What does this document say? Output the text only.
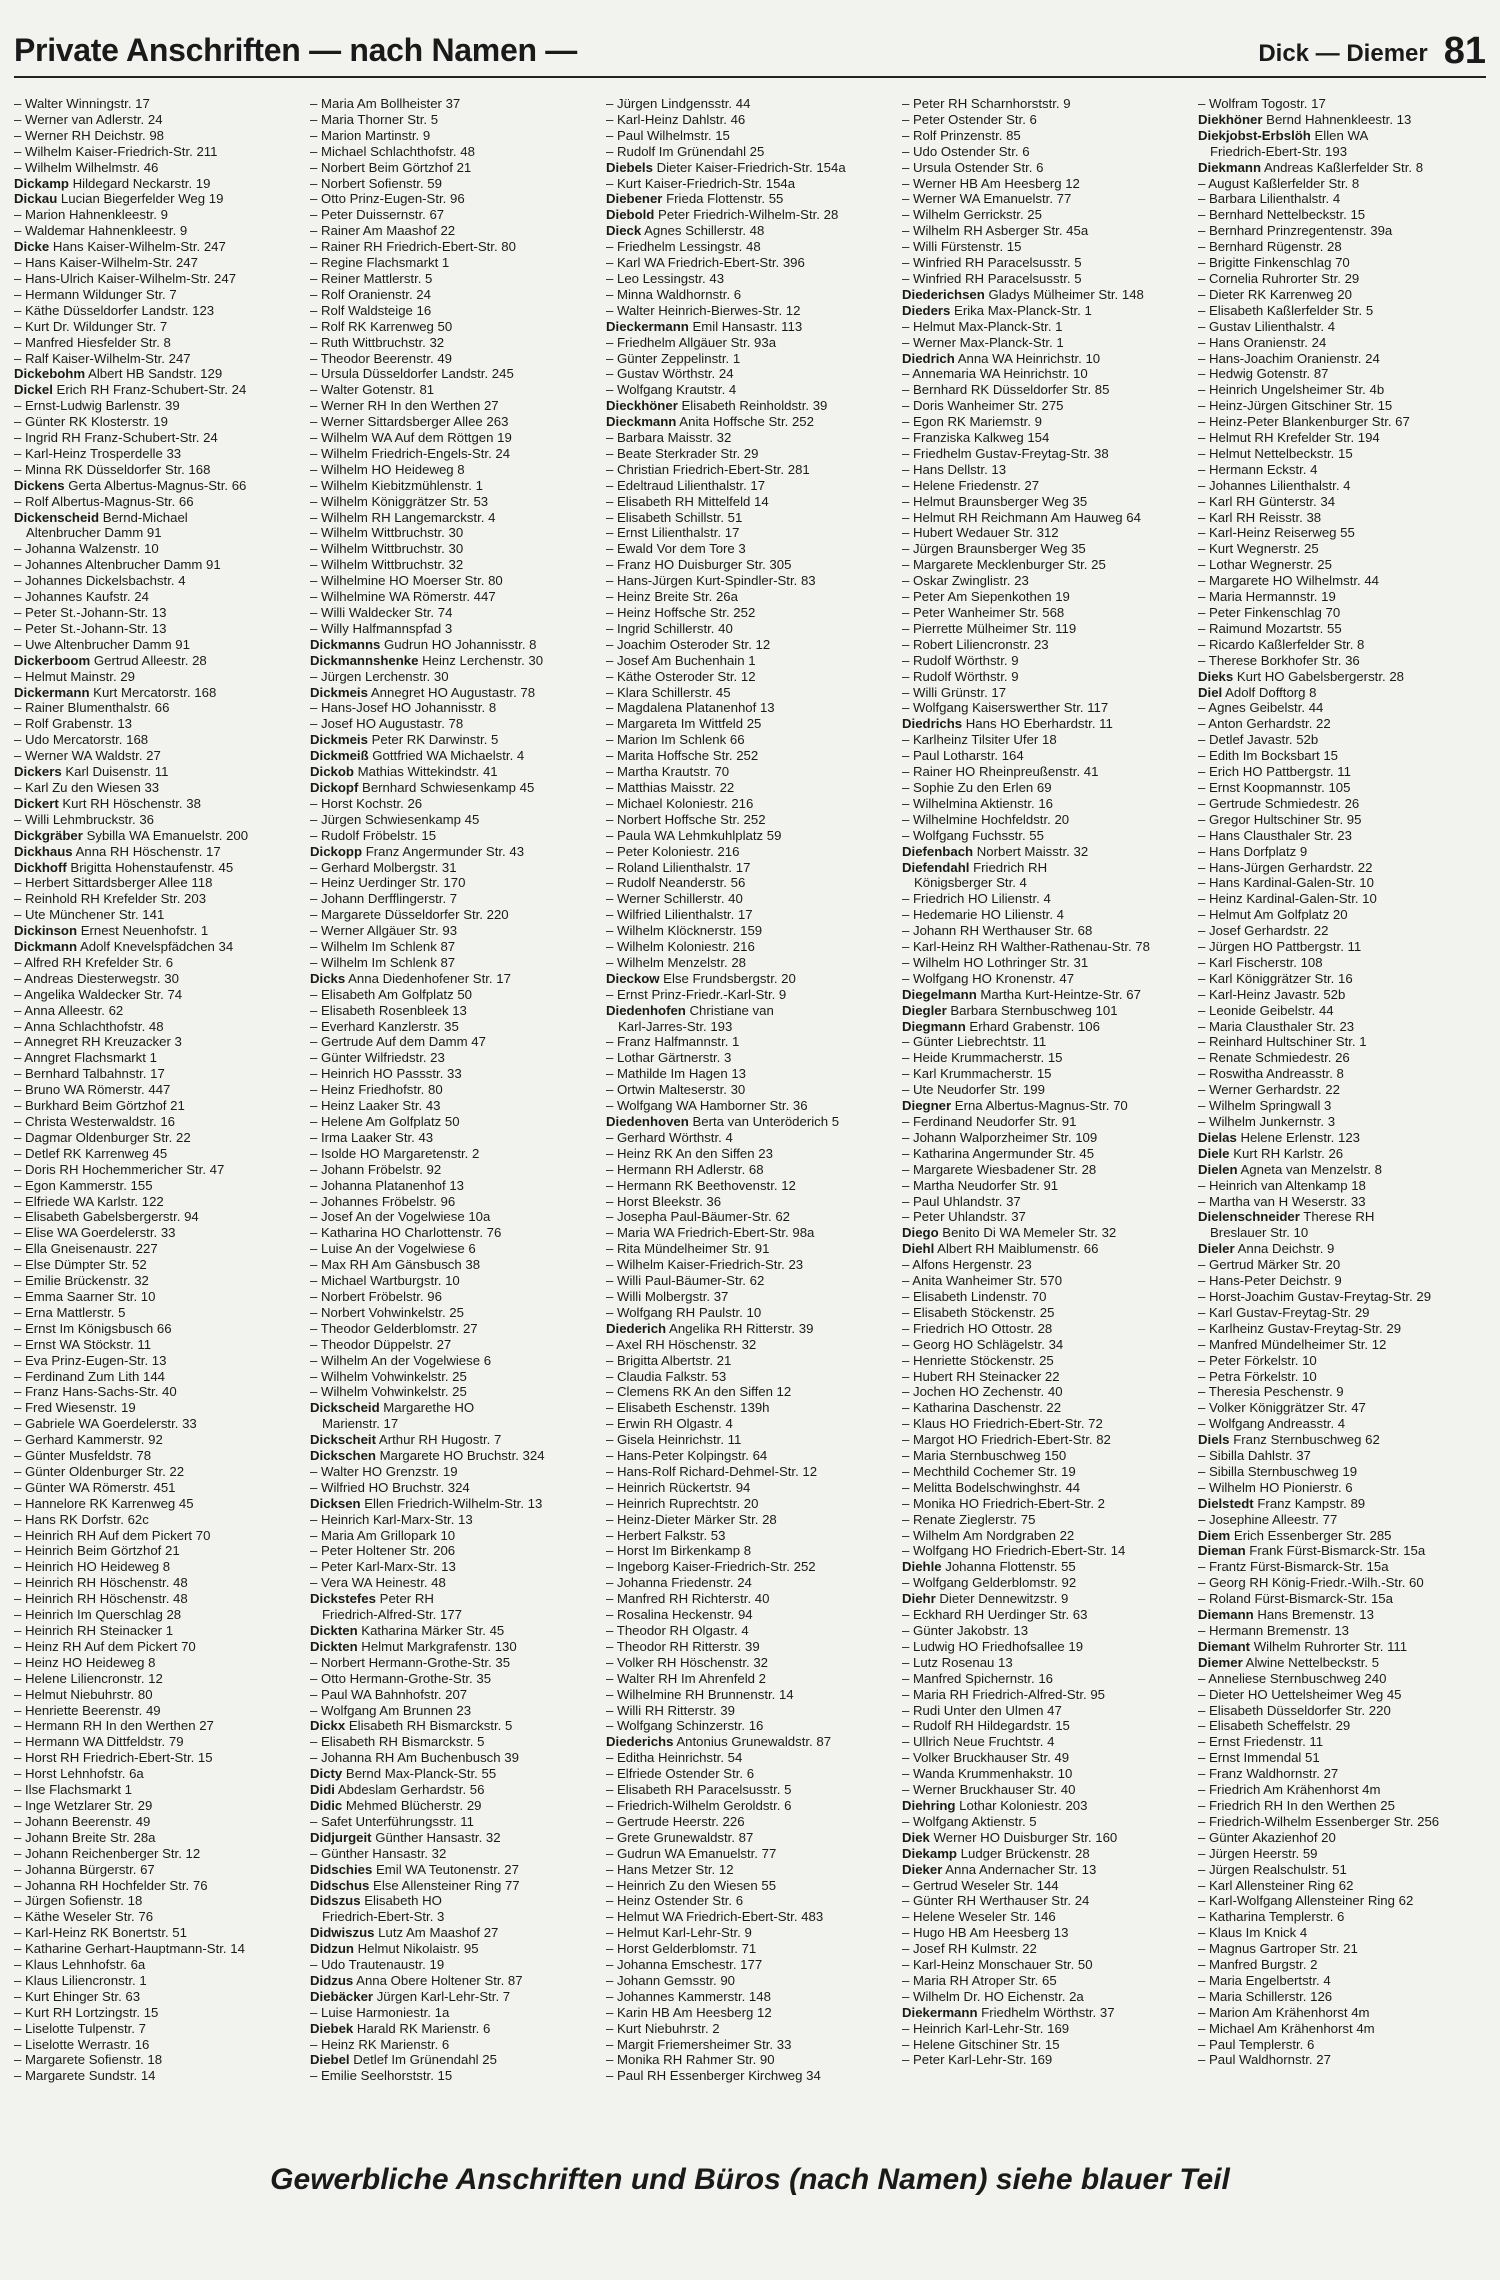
Private Anschriften — nach Namen —	Dick — Diemer 81
– Walter Winningstr. 17
– Werner van Adlerstr. 24
– Werner RH Deichstr. 98
– Wilhelm Kaiser-Friedrich-Str. 211
– Wilhelm Wilhelmstr. 46
Dickamp Hildegard Neckarstr. 19
Dickau Lucian Biegerfelder Weg 19
– Marion Hahnenkleestr. 9
– Waldemar Hahnenkleestr. 9
Dicke Hans Kaiser-Wilhelm-Str. 247
– Hans Kaiser-Wilhelm-Str. 247
– Hans-Ulrich Kaiser-Wilhelm-Str. 247
– Hermann Wildunger Str. 7
– Käthe Düsseldorfer Landstr. 123
– Kurt Dr. Wildunger Str. 7
– Manfred Hiesfelder Str. 8
– Ralf Kaiser-Wilhelm-Str. 247
Dickebohm Albert HB Sandstr. 129
Dickel Erich RH Franz-Schubert-Str. 24
– Ernst-Ludwig Barlenstr. 39
– Günter RK Klosterstr. 19
– Ingrid RH Franz-Schubert-Str. 24
– Karl-Heinz Trosperdelle 33
– Minna RK Düsseldorfer Str. 168
Dickens Gerta Albertus-Magnus-Str. 66
– Rolf Albertus-Magnus-Str. 66
Dickenscheid Bernd-Michael
Altenbrucher Damm 91
– Johanna Walzenstr. 10
– Johannes Altenbrucher Damm 91
– Johannes Dickelsbachstr. 4
– Johannes Kaufstr. 24
– Peter St.-Johann-Str. 13
– Peter St.-Johann-Str. 13
– Uwe Altenbrucher Damm 91
Dickerboom Gertrud Alleestr. 28
– Helmut Mainstr. 29
Dickermann Kurt Mercatorstr. 168
– Rainer Blumenthalstr. 66
– Rolf Grabenstr. 13
– Udo Mercatorstr. 168
– Werner WA Waldstr. 27
Dickers Karl Duisenstr. 11
– Karl Zu den Wiesen 33
Dickert Kurt RH Höschenstr. 38
– Willi Lehmbruckstr. 36
Dickgräber Sybilla WA Emanuelstr. 200
Dickhaus Anna RH Höschenstr. 17
Dickhoff Brigitta Hohenstaufenstr. 45
– Herbert Sittardsberger Allee 118
– Reinhold RH Krefelder Str. 203
– Ute Münchener Str. 141
Dickinson Ernest Neuenhofstr. 1
Dickmann Adolf Knevelspfädchen 34
– Alfred RH Krefelder Str. 6
– Andreas Diesterwegstr. 30
– Angelika Waldecker Str. 74
– Anna Alleestr. 62
– Anna Schlachthofstr. 48
– Annegret RH Kreuzacker 3
– Anngret Flachsmarkt 1
– Bernhard Talbahnstr. 17
– Bruno WA Römerstr. 447
– Burkhard Beim Görtzhof 21
– Christa Westerwaldstr. 16
– Dagmar Oldenburger Str. 22
– Detlef RK Karrenweg 45
– Doris RH Hochemmericher Str. 47
– Egon Kammerstr. 155
– Elfriede WA Karlstr. 122
– Elisabeth Gabelsbergerstr. 94
– Elise WA Goerdelerstr. 33
– Ella Gneisenaustr. 227
– Else Dümpter Str. 52
– Emilie Brückenstr. 32
– Emma Saarner Str. 10
– Erna Mattlerstr. 5
– Ernst Im Königsbusch 66
– Ernst WA Stöckstr. 11
– Eva Prinz-Eugen-Str. 13
– Ferdinand Zum Lith 144
– Franz Hans-Sachs-Str. 40
– Fred Wiesenstr. 19
– Gabriele WA Goerdelerstr. 33
– Gerhard Kammerstr. 92
– Günter Musfeldstr. 78
– Günter Oldenburger Str. 22
– Günter WA Römerstr. 451
– Hannelore RK Karrenweg 45
– Hans RK Dorfstr. 62c
– Heinrich RH Auf dem Pickert 70
– Heinrich Beim Görtzhof 21
– Heinrich HO Heideweg 8
– Heinrich RH Höschenstr. 48
– Heinrich RH Höschenstr. 48
– Heinrich Im Querschlag 28
– Heinrich RH Steinacker 1
– Heinz RH Auf dem Pickert 70
– Heinz HO Heideweg 8
– Helene Liliencronstr. 12
– Helmut Niebuhrstr. 80
– Henriette Beerenstr. 49
– Hermann RH In den Werthen 27
– Hermann WA Dittfeldstr. 79
– Horst RH Friedrich-Ebert-Str. 15
– Horst Lehnhofstr. 6a
– Ilse Flachsmarkt 1
– Inge Wetzlarer Str. 29
– Johann Beerenstr. 49
– Johann Breite Str. 28a
– Johann Reichenberger Str. 12
– Johanna Bürgerstr. 67
– Johanna RH Hochfelder Str. 76
– Jürgen Sofienstr. 18
– Käthe Weseler Str. 76
– Karl-Heinz RK Bonertstr. 51
– Katharine Gerhart-Hauptmann-Str. 14
– Klaus Lehnhofstr. 6a
– Klaus Liliencronstr. 1
– Kurt Ehinger Str. 63
– Kurt RH Lortzingstr. 15
– Liselotte Tulpenstr. 7
– Liselotte Werrastr. 16
– Margarete Sofienstr. 18
– Margarete Sundstr. 14
– Maria Am Bollheister 37
– Maria Thorner Str. 5
– Marion Martinstr. 9
– Michael Schlachthofstr. 48
– Norbert Beim Görtzhof 21
– Norbert Sofienstr. 59
– Otto Prinz-Eugen-Str. 96
– Peter Duissernstr. 67
– Rainer Am Maashof 22
– Rainer RH Friedrich-Ebert-Str. 80
– Regine Flachsmarkt 1
– Reiner Mattlerstr. 5
– Rolf Oranienstr. 24
– Rolf Waldsteige 16
– Rolf RK Karrenweg 50
– Ruth Wittbruchstr. 32
– Theodor Beerenstr. 49
– Ursula Düsseldorfer Landstr. 245
– Walter Gotenstr. 81
– Werner RH In den Werthen 27
– Werner Sittardsberger Allee 263
– Wilhelm WA Auf dem Röttgen 19
– Wilhelm Friedrich-Engels-Str. 24
– Wilhelm HO Heideweg 8
– Wilhelm Kiebitzmühlenstr. 1
– Wilhelm Königgrätzer Str. 53
– Wilhelm RH Langemarckstr. 4
– Wilhelm Wittbruchstr. 30
– Wilhelm Wittbruchstr. 30
– Wilhelm Wittbruchstr. 32
– Wilhelmine HO Moerser Str. 80
– Wilhelmine WA Römerstr. 447
– Willi Waldecker Str. 74
– Willy Halfmannspfad 3
Dickmanns Gudrun HO Johannisstr. 8
Dickmannshenke Heinz Lerchenstr. 30
– Jürgen Lerchenstr. 30
Dickmeis Annegret HO Augustastr. 78
– Hans-Josef HO Johannisstr. 8
– Josef HO Augustastr. 78
Dickmeis Peter RK Darwinstr. 5
Dickmeiß Gottfried WA Michaelstr. 4
Dickob Mathias Wittekindstr. 41
Dickopf Bernhard Schwiesenkamp 45
– Horst Kochstr. 26
– Jürgen Schwiesenkamp 45
– Rudolf Fröbelstr. 15
Dickopp Franz Angermunder Str. 43
– Gerhard Molbergstr. 31
– Heinz Uerdinger Str. 170
– Johann Derfflingerstr. 7
– Margarete Düsseldorfer Str. 220
– Werner Allgäuer Str. 93
– Wilhelm Im Schlenk 87
– Wilhelm Im Schlenk 87
Dicks Anna Diedenhofener Str. 17
– Elisabeth Am Golfplatz 50
– Elisabeth Rosenbleek 13
– Everhard Kanzlerstr. 35
– Gertrude Auf dem Damm 47
– Günter Wilfriedstr. 23
– Heinrich HO Passstr. 33
– Heinz Friedhofstr. 80
– Heinz Laaker Str. 43
– Helene Am Golfplatz 50
– Irma Laaker Str. 43
– Isolde HO Margaretenstr. 2
– Johann Fröbelstr. 92
– Johanna Platanenhof 13
– Johannes Fröbelstr. 96
– Josef An der Vogelwiese 10a
– Katharina HO Charlottenstr. 76
– Luise An der Vogelwiese 6
– Max RH Am Gänsbusch 38
– Michael Wartburgstr. 10
– Norbert Fröbelstr. 96
– Norbert Vohwinkelstr. 25
– Theodor Gelderblomstr. 27
– Theodor Düppelstr. 27
– Wilhelm An der Vogelwiese 6
– Wilhelm Vohwinkelstr. 25
– Wilhelm Vohwinkelstr. 25
Dickscheid Margarethe HO
Marienstr. 17
Dickscheit Arthur RH Hugostr. 7
Dickschen Margarete HO Bruchstr. 324
– Walter HO Grenzstr. 19
– Wilfried HO Bruchstr. 324
Dicksen Ellen Friedrich-Wilhelm-Str. 13
– Heinrich Karl-Marx-Str. 13
– Maria Am Grillopark 10
– Peter Holtener Str. 206
– Peter Karl-Marx-Str. 13
– Vera WA Heinestr. 48
Dickstefes Peter RH
Friedrich-Alfred-Str. 177
Dickten Katharina Märker Str. 45
Dickten Helmut Markgrafenstr. 130
– Norbert Hermann-Grothe-Str. 35
– Otto Hermann-Grothe-Str. 35
– Paul WA Bahnhofstr. 207
– Wolfgang Am Brunnen 23
Dickx Elisabeth RH Bismarckstr. 5
– Elisabeth RH Bismarckstr. 5
– Johanna RH Am Buchenbusch 39
Dicty Bernd Max-Planck-Str. 55
Didi Abdeslam Gerhardstr. 56
Didic Mehmed Blücherstr. 29
– Safet Unterführungsstr. 11
Didjurgeit Günther Hansastr. 32
– Günther Hansastr. 32
Didschies Emil WA Teutonenstr. 27
Didschus Else Allensteiner Ring 77
Didszus Elisabeth HO
Friedrich-Ebert-Str. 3
Didwiszus Lutz Am Maashof 27
Didzun Helmut Nikolaistr. 95
– Udo Trautenaustr. 19
Didzus Anna Obere Holtener Str. 87
Diebäcker Jürgen Karl-Lehr-Str. 7
– Luise Harmoniestr. 1a
Diebek Harald RK Marienstr. 6
– Heinz RK Marienstr. 6
Diebel Detlef Im Grünendahl 25
– Emilie Seelhorststr. 15
– Jürgen Lindgensstr. 44
– Karl-Heinz Dahlstr. 46
– Paul Wilhelmstr. 15
– Rudolf Im Grünendahl 25
Diebels Dieter Kaiser-Friedrich-Str. 154a
– Kurt Kaiser-Friedrich-Str. 154a
Diebener Frieda Flottenstr. 55
Diebold Peter Friedrich-Wilhelm-Str. 28
Dieck Agnes Schillerstr. 48
– Friedhelm Lessingstr. 48
– Karl WA Friedrich-Ebert-Str. 396
– Leo Lessingstr. 43
– Minna Waldhornstr. 6
– Walter Heinrich-Bierwes-Str. 12
Dieckermann Emil Hansastr. 113
– Friedhelm Allgäuer Str. 93a
– Günter Zeppelinstr. 1
– Gustav Wörthstr. 24
– Wolfgang Krautstr. 4
Dieckhöner Elisabeth Reinholdstr. 39
Dieckmann Anita Hoffsche Str. 252
– Barbara Maisstr. 32
– Beate Sterkrader Str. 29
– Christian Friedrich-Ebert-Str. 281
– Edeltraud Lilienthalstr. 17
– Elisabeth RH Mittelfeld 14
– Elisabeth Schillstr. 51
– Ernst Lilienthalstr. 17
– Ewald Vor dem Tore 3
– Franz HO Duisburger Str. 305
– Hans-Jürgen Kurt-Spindler-Str. 83
– Heinz Breite Str. 26a
– Heinz Hoffsche Str. 252
– Ingrid Schillerstr. 40
– Joachim Osteroder Str. 12
– Josef Am Buchenhain 1
– Käthe Osteroder Str. 12
– Klara Schillerstr. 45
– Magdalena Platanenhof 13
– Margareta Im Wittfeld 25
– Marion Im Schlenk 66
– Marita Hoffsche Str. 252
– Martha Krautstr. 70
– Matthias Maisstr. 22
– Michael Koloniestr. 216
– Norbert Hoffsche Str. 252
– Paula WA Lehmkuhlplatz 59
– Peter Koloniestr. 216
– Roland Lilienthalstr. 17
– Rudolf Neanderstr. 56
– Werner Schillerstr. 40
– Wilfried Lilienthalstr. 17
– Wilhelm Klöcknerstr. 159
– Wilhelm Koloniestr. 216
– Wilhelm Menzelstr. 28
Dieckow Else Frundsbergstr. 20
– Ernst Prinz-Friedr.-Karl-Str. 9
Diedenhofen Christiane van
Karl-Jarres-Str. 193
– Franz Halfmannstr. 1
– Lothar Gärtnerstr. 3
– Mathilde Im Hagen 13
– Ortwin Malteserstr. 30
– Wolfgang WA Hamborner Str. 36
Diedenhoven Berta van Unteröderich 5
– Gerhard Wörthstr. 4
– Heinz RK An den Siffen 23
– Hermann RH Adlerstr. 68
– Hermann RK Beethovenstr. 12
– Horst Bleekstr. 36
– Josepha Paul-Bäumer-Str. 62
– Maria WA Friedrich-Ebert-Str. 98a
– Rita Mündelheimer Str. 91
– Wilhelm Kaiser-Friedrich-Str. 23
– Willi Paul-Bäumer-Str. 62
– Willi Molbergstr. 37
– Wolfgang RH Paulstr. 10
Diederich Angelika RH Ritterstr. 39
– Axel RH Höschenstr. 32
– Brigitta Albertstr. 21
– Claudia Falkstr. 53
– Clemens RK An den Siffen 12
– Elisabeth Eschenstr. 139h
– Erwin RH Olgastr. 4
– Gisela Heinrichstr. 11
– Hans-Peter Kolpingstr. 64
– Hans-Rolf Richard-Dehmel-Str. 12
– Heinrich Rückertstr. 94
– Heinrich Ruprechtstr. 20
– Heinz-Dieter Märker Str. 28
– Herbert Falkstr. 53
– Horst Im Birkenkamp 8
– Ingeborg Kaiser-Friedrich-Str. 252
– Johanna Friedenstr. 24
– Manfred RH Richterstr. 40
– Rosalina Heckenstr. 94
– Theodor RH Olgastr. 4
– Theodor RH Ritterstr. 39
– Volker RH Höschenstr. 32
– Walter RH Im Ahrenfeld 2
– Wilhelmine RH Brunnenstr. 14
– Willi RH Ritterstr. 39
– Wolfgang Schinzerstr. 16
Diederichs Antonius Grunewaldstr. 87
– Editha Heinrichstr. 54
– Elfriede Ostender Str. 6
– Elisabeth RH Paracelsusstr. 5
– Friedrich-Wilhelm Geroldstr. 6
– Gertrude Heerstr. 226
– Grete Grunewaldstr. 87
– Gudrun WA Emanuelstr. 77
– Hans Metzer Str. 12
– Heinrich Zu den Wiesen 55
– Heinz Ostender Str. 6
– Helmut WA Friedrich-Ebert-Str. 483
– Helmut Karl-Lehr-Str. 9
– Horst Gelderblomstr. 71
– Johanna Emschestr. 177
– Johann Gemsstr. 90
– Johannes Kammerstr. 148
– Karin HB Am Heesberg 12
– Kurt Niebuhrstr. 2
– Margit Friemersheimer Str. 33
– Monika RH Rahmer Str. 90
– Paul RH Essenberger Kirchweg 34
– Peter RH Scharnhorststr. 9
– Peter Ostender Str. 6
– Rolf Prinzenstr. 85
– Udo Ostender Str. 6
– Ursula Ostender Str. 6
– Werner HB Am Heesberg 12
– Werner WA Emanuelstr. 77
– Wilhelm Gerrickstr. 25
– Wilhelm RH Asberger Str. 45a
– Willi Fürstenstr. 15
– Winfried RH Paracelsusstr. 5
– Winfried RH Paracelsusstr. 5
Diederichsen Gladys Mülheimer Str. 148
Dieders Erika Max-Planck-Str. 1
– Helmut Max-Planck-Str. 1
– Werner Max-Planck-Str. 1
Diedrich Anna WA Heinrichstr. 10
– Annemaria WA Heinrichstr. 10
– Bernhard RK Düsseldorfer Str. 85
– Doris Wanheimer Str. 275
– Egon RK Mariemstr. 9
– Franziska Kalkweg 154
– Friedhelm Gustav-Freytag-Str. 38
– Hans Dellstr. 13
– Helene Friedenstr. 27
– Helmut Braunsberger Weg 35
– Helmut RH Reichmann Am Hauweg 64
– Hubert Wedauer Str. 312
– Jürgen Braunsberger Weg 35
– Margarete Mecklenburger Str. 25
– Oskar Zwinglistr. 23
– Peter Am Siepenkothen 19
– Peter Wanheimer Str. 568
– Pierrette Mülheimer Str. 119
– Robert Liliencronstr. 23
– Rudolf Wörthstr. 9
– Rudolf Wörthstr. 9
– Willi Grünstr. 17
– Wolfgang Kaiserswerther Str. 117
Diedrichs Hans HO Eberhardstr. 11
– Karlheinz Tilsiter Ufer 18
– Paul Lotharstr. 164
– Rainer HO Rheinpreußenstr. 41
– Sophie Zu den Erlen 69
– Wilhelmina Aktienstr. 16
– Wilhelmine Hochfeldstr. 20
– Wolfgang Fuchsstr. 55
Diefenbach Norbert Maisstr. 32
Diefendahl Friedrich RH
Königsberger Str. 4
– Friedrich HO Lilienstr. 4
– Hedemarie HO Lilienstr. 4
– Johann RH Werthauser Str. 68
– Karl-Heinz RH Walther-Rathenau-Str. 78
– Wilhelm HO Lothringer Str. 31
– Wolfgang HO Kronenstr. 47
Diegelmann Martha Kurt-Heintze-Str. 67
Diegler Barbara Sternbuschweg 101
Diegmann Erhard Grabenstr. 106
– Günter Liebrechtstr. 11
– Heide Krummacherstr. 15
– Karl Krummacherstr. 15
– Ute Neudorfer Str. 199
Diegner Erna Albertus-Magnus-Str. 70
– Ferdinand Neudorfer Str. 91
– Johann Walporzheimer Str. 109
– Katharina Angermunder Str. 45
– Margarete Wiesbadener Str. 28
– Martha Neudorfer Str. 91
– Paul Uhlandstr. 37
– Peter Uhlandstr. 37
Diego Benito Di WA Memeler Str. 32
Diehl Albert RH Maiblumenstr. 66
– Alfons Hergenstr. 23
– Anita Wanheimer Str. 570
– Elisabeth Lindenstr. 70
– Elisabeth Stöckenstr. 25
– Friedrich HO Ottostr. 28
– Georg HO Schlägelstr. 34
– Henriette Stöckenstr. 25
– Hubert RH Steinacker 22
– Jochen HO Zechenstr. 40
– Katharina Daschenstr. 22
– Klaus HO Friedrich-Ebert-Str. 72
– Margot HO Friedrich-Ebert-Str. 82
– Maria Sternbuschweg 150
– Mechthild Cochemer Str. 19
– Melitta Bodelschwinghstr. 44
– Monika HO Friedrich-Ebert-Str. 2
– Renate Zieglerstr. 75
– Wilhelm Am Nordgraben 22
– Wolfgang HO Friedrich-Ebert-Str. 14
Diehle Johanna Flottenstr. 55
– Wolfgang Gelderblomstr. 92
Diehr Dieter Dennewitzstr. 9
– Eckhard RH Uerdinger Str. 63
– Günter Jakobstr. 13
– Ludwig HO Friedhofsallee 19
– Lutz Rosenau 13
– Manfred Spichernstr. 16
– Maria RH Friedrich-Alfred-Str. 95
– Rudi Unter den Ulmen 47
– Rudolf RH Hildegardstr. 15
– Ullrich Neue Fruchtstr. 4
– Volker Bruckhauser Str. 49
– Wanda Krummenhakstr. 10
– Werner Bruckhauser Str. 40
Diehring Lothar Koloniestr. 203
– Wolfgang Aktienstr. 5
Diek Werner HO Duisburger Str. 160
Diekamp Ludger Brückenstr. 28
Dieker Anna Andernacher Str. 13
– Gertrud Weseler Str. 144
– Günter RH Werthauser Str. 24
– Helene Weseler Str. 146
– Hugo HB Am Heesberg 13
– Josef RH Kulmstr. 22
– Karl-Heinz Monschauer Str. 50
– Maria RH Atroper Str. 65
– Wilhelm Dr. HO Eichenstr. 2a
Diekermann Friedhelm Wörthstr. 37
– Heinrich Karl-Lehr-Str. 169
– Helene Gitschiner Str. 15
– Peter Karl-Lehr-Str. 169
– Wolfram Togostr. 17
Diekhöner Bernd Hahnenkleestr. 13
Diekjobst-Erbslöh Ellen WA
Friedrich-Ebert-Str. 193
Diekmann Andreas Kaßlerfelder Str. 8
– August Kaßlerfelder Str. 8
– Barbara Lilienthalstr. 4
– Bernhard Nettelbeckstr. 15
– Bernhard Prinzregentenstr. 39a
– Bernhard Rügenstr. 28
– Brigitte Finkenschlag 70
– Cornelia Ruhrorter Str. 29
– Dieter RK Karrenweg 20
– Elisabeth Kaßlerfelder Str. 5
– Gustav Lilienthalstr. 4
– Hans Oranienstr. 24
– Hans-Joachim Oranienstr. 24
– Hedwig Gotenstr. 87
– Heinrich Ungelsheimer Str. 4b
– Heinz-Jürgen Gitschiner Str. 15
– Heinz-Peter Blankenburger Str. 67
– Helmut RH Krefelder Str. 194
– Helmut Nettelbeckstr. 15
– Hermann Eckstr. 4
– Johannes Lilienthalstr. 4
– Karl RH Günterstr. 34
– Karl RH Reisstr. 38
– Karl-Heinz Reiserweg 55
– Kurt Wegnerstr. 25
– Lothar Wegnerstr. 25
– Margarete HO Wilhelmstr. 44
– Maria Hermannstr. 19
– Peter Finkenschlag 70
– Raimund Mozartstr. 55
– Ricardo Kaßlerfelder Str. 8
– Therese Borkhofer Str. 36
Dieks Kurt HO Gabelsbergerstr. 28
Diel Adolf Dofftorg 8
– Agnes Geibelstr. 44
– Anton Gerhardstr. 22
– Detlef Javastr. 52b
– Edith Im Bocksbart 15
– Erich HO Pattbergstr. 11
– Ernst Koopmannstr. 105
– Gertrude Schmiedestr. 26
– Gregor Hultschiner Str. 95
– Hans Clausthaler Str. 23
– Hans Dorfplatz 9
– Hans-Jürgen Gerhardstr. 22
– Hans Kardinal-Galen-Str. 10
– Heinz Kardinal-Galen-Str. 10
– Helmut Am Golfplatz 20
– Josef Gerhardstr. 22
– Jürgen HO Pattbergstr. 11
– Karl Fischerstr. 108
– Karl Königgrätzer Str. 16
– Karl-Heinz Javastr. 52b
– Leonide Geibelstr. 44
– Maria Clausthaler Str. 23
– Reinhard Hultschiner Str. 1
– Renate Schmiedestr. 26
– Roswitha Andreasstr. 8
– Werner Gerhardstr. 22
– Wilhelm Springwall 3
– Wilhelm Junkernstr. 3
Dielas Helene Erlenstr. 123
Diele Kurt RH Karlstr. 26
Dielen Agneta van Menzelstr. 8
– Heinrich van Altenkamp 18
– Martha van H Weserstr. 33
Dielenschneider Therese RH
Breslauer Str. 10
Dieler Anna Deichstr. 9
– Gertrud Märker Str. 20
– Hans-Peter Deichstr. 9
– Horst-Joachim Gustav-Freytag-Str. 29
– Karl Gustav-Freytag-Str. 29
– Karlheinz Gustav-Freytag-Str. 29
– Manfred Mündelheimer Str. 12
– Peter Förkelstr. 10
– Petra Förkelstr. 10
– Theresia Peschenstr. 9
– Volker Königgrätzer Str. 47
– Wolfgang Andreasstr. 4
Diels Franz Sternbuschweg 62
– Sibilla Dahlstr. 37
– Sibilla Sternbuschweg 19
– Wilhelm HO Pionierstr. 6
Dielstedt Franz Kampstr. 89
– Josephine Alleestr. 77
Diem Erich Essenberger Str. 285
Dieman Frank Fürst-Bismarck-Str. 15a
– Frantz Fürst-Bismarck-Str. 15a
– Georg RH König-Friedr.-Wilh.-Str. 60
– Roland Fürst-Bismarck-Str. 15a
Diemann Hans Bremenstr. 13
– Hermann Bremenstr. 13
Diemant Wilhelm Ruhrorter Str. 111
Diemer Alwine Nettelbeckstr. 5
– Anneliese Sternbuschweg 240
– Dieter HO Uettelsheimer Weg 45
– Elisabeth Düsseldorfer Str. 220
– Elisabeth Scheffelstr. 29
– Ernst Friedenstr. 11
– Ernst Immendal 51
– Franz Waldhornstr. 27
– Friedrich Am Krähenhorst 4m
– Friedrich RH In den Werthen 25
– Friedrich-Wilhelm Essenberger Str. 256
– Günter Akazienhof 20
– Jürgen Heerstr. 59
– Jürgen Realschulstr. 51
– Karl Allensteiner Ring 62
– Karl-Wolfgang Allensteiner Ring 62
– Katharina Templerstr. 6
– Klaus Im Knick 4
– Magnus Gartroper Str. 21
– Manfred Burgstr. 2
– Maria Engelbertstr. 4
– Maria Schillerstr. 126
– Marion Am Krähenhorst 4m
– Michael Am Krähenhorst 4m
– Paul Templerstr. 6
– Paul Waldhornstr. 27
Gewerbliche Anschriften und Büros (nach Namen) siehe blauer Teil
